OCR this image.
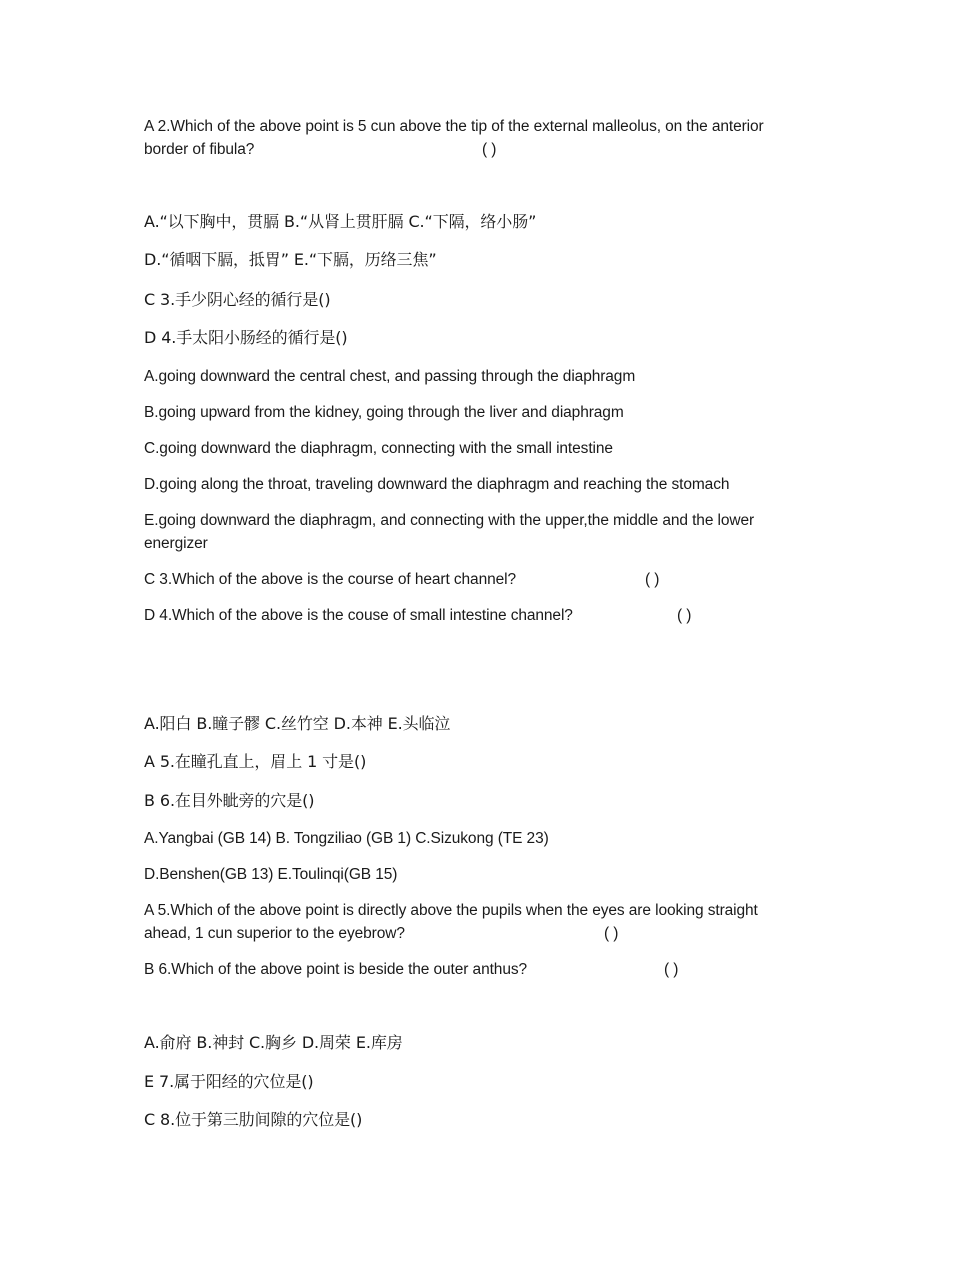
A 2.Which of the above point is 5 cun above the tip of the external malleolus, on the anterior
border of fibula?	( )
A.“以下胸中，贯膈 B.“从肾上贯肝膈 C.“下隔，络小肠”
D.“循咽下膈，抵胃” E.“下膈，历络三焦”
C 3.手少阴心经的循行是()
D 4.手太阳小肠经的循行是()
A.going downward the central chest, and passing through the diaphragm
B.going upward from the kidney, going through the liver and diaphragm
C.going downward the diaphragm, connecting with the small intestine
D.going along the throat, traveling downward the diaphragm and reaching the stomach
E.going downward the diaphragm, and connecting with the upper,the middle and the lower
energizer
C 3.Which of the above is the course of heart channel?	( )
D 4.Which of the above is the couse of small intestine channel?	( )
A.阳白 B.瞳子髎 C.丝竹空 D.本神 E.头临泣
A 5.在瞳孔直上，眉上 1 寸是()
B 6.在目外眦旁的穴是()
A.Yangbai (GB 14) B. Tongziliao (GB 1) C.Sizukong (TE 23)
D.Benshen(GB 13) E.Toulinqi(GB 15)
A 5.Which of the above point is directly above the pupils when the eyes are looking straight
ahead, 1 cun superior to the eyebrow?	( )
B 6.Which of the above point is beside the outer anthus?	( )
A.俞府 B.神封 C.胸乡 D.周荣 E.库房
E 7.属于阳经的穴位是()
C 8.位于第三肋间隙的穴位是()
